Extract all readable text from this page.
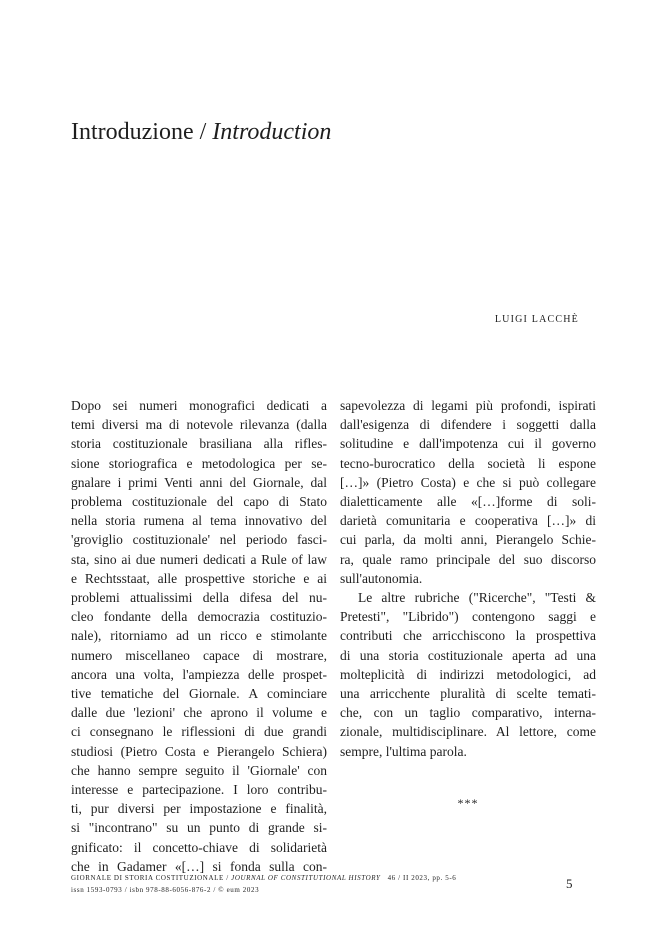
Introduzione / Introduction
LUIGI LACCHÈ

Dopo sei numeri monografici dedicati a
temi diversi ma di notevole rilevanza (dalla
storia costituzionale brasiliana alla rifles-
sione storiografica e metodologica per se-
gnalare i primi Venti anni del Giornale, dal
problema costituzionale del capo di Stato
nella storia rumena al tema innovativo del
'groviglio costituzionale' nel periodo fasci-
sta, sino ai due numeri dedicati a Rule of law
e Rechtsstaat, alle prospettive storiche e ai
problemi attualissimi della difesa del nu-
cleo fondante della democrazia costituzio-
nale), ritorniamo ad un ricco e stimolante
numero miscellaneo capace di mostrare,
ancora una volta, l'ampiezza delle prospet-
tive tematiche del Giornale. A cominciare
dalle due 'lezioni' che aprono il volume e
ci consegnano le riflessioni di due grandi
studiosi (Pietro Costa e Pierangelo Schiera)
che hanno sempre seguito il 'Giornale' con
interesse e partecipazione. I loro contribu-
ti, pur diversi per impostazione e finalità,
si "incontrano" su un punto di grande si-
gnificato: il concetto-chiave di solidarietà
che in Gadamer «[…] si fonda sulla con-

sapevolezza di legami più profondi, ispirati
dall'esigenza di difendere i soggetti dalla
solitudine e dall'impotenza cui il governo
tecno-burocratico della società li espone
[…]» (Pietro Costa) e che si può collegare
dialetticamente alle «[…]forme di soli-
darietà comunitaria e cooperativa […]» di
cui parla, da molti anni, Pierangelo Schie-
ra, quale ramo principale del suo discorso
sull'autonomia.

Le altre rubriche ("Ricerche", "Testi &
Pretesti", "Librido") contengono saggi e
contributi che arricchiscono la prospettiva
di una storia costituzionale aperta ad una
molteplicità di indirizzi metodologici, ad
una arricchente pluralità di scelte temati-
che, con un taglio comparativo, interna-
zionale, multidisciplinare. Al lettore, come
sempre, l'ultima parola.

***
GIORNALE DI STORIA COSTITUZIONALE / JOURNAL OF CONSTITUTIONAL HISTORY 46 / II 2023, pp. 5-6
issn 1593-0793 / isbn 978-88-6056-876-2 / © eum 2023	5
